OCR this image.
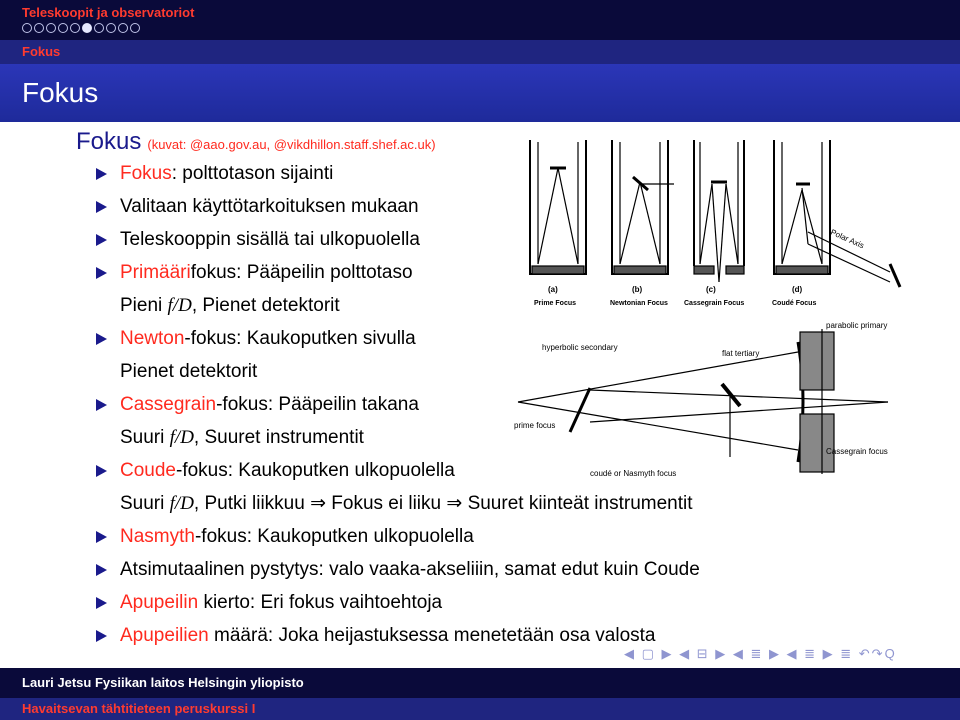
Teleskoopit ja observatoriot
Fokus
Fokus
Fokus (kuvat: @aao.gov.au, @vikdhillon.staff.shef.ac.uk)
Fokus: polttotason sijainti
Valitaan käyttötarkoituksen mukaan
Teleskooppin sisällä tai ulkopuolella
Primäärifokus: Pääpeilin polttotaso
Pieni f/D, Pienet detektorit
Newton-fokus: Kaukoputken sivulla
Pienet detektorit
Cassegrain-fokus: Pääpeilin takana
Suuri f/D, Suuret instrumentit
Coude-fokus: Kaukoputken ulkopuolella
Suuri f/D, Putki liikkuu ⇒ Fokus ei liiku ⇒ Suuret kiinteät instrumentit
Nasmyth-fokus: Kaukoputken ulkopuolella
Atsimutaalinen pystytys: valo vaaka-akseliiin, samat edut kuin Coude
Apupeilin kierto: Eri fokus vaihtoehtoja
Apupeilien määrä: Joka heijastuksessa menetetään osa valosta
(a)	(b)	(c)	(d)
Prime Focus	Newtonian Focus Cassegrain Focus	Coudé Focus
Polar Axis
parabolic primary
hyperbolic secondary
flat tertiary
prime focus
Cassegrain focus
coudé or Nasmyth focus
◀ ▢ ▶ ◀ ⊟ ▶ ◀ ≣ ▶ ◀ ≣ ▶ ≣ ↶↷Q
Lauri Jetsu Fysiikan laitos Helsingin yliopisto
Havaitsevan tähtitieteen peruskurssi I
